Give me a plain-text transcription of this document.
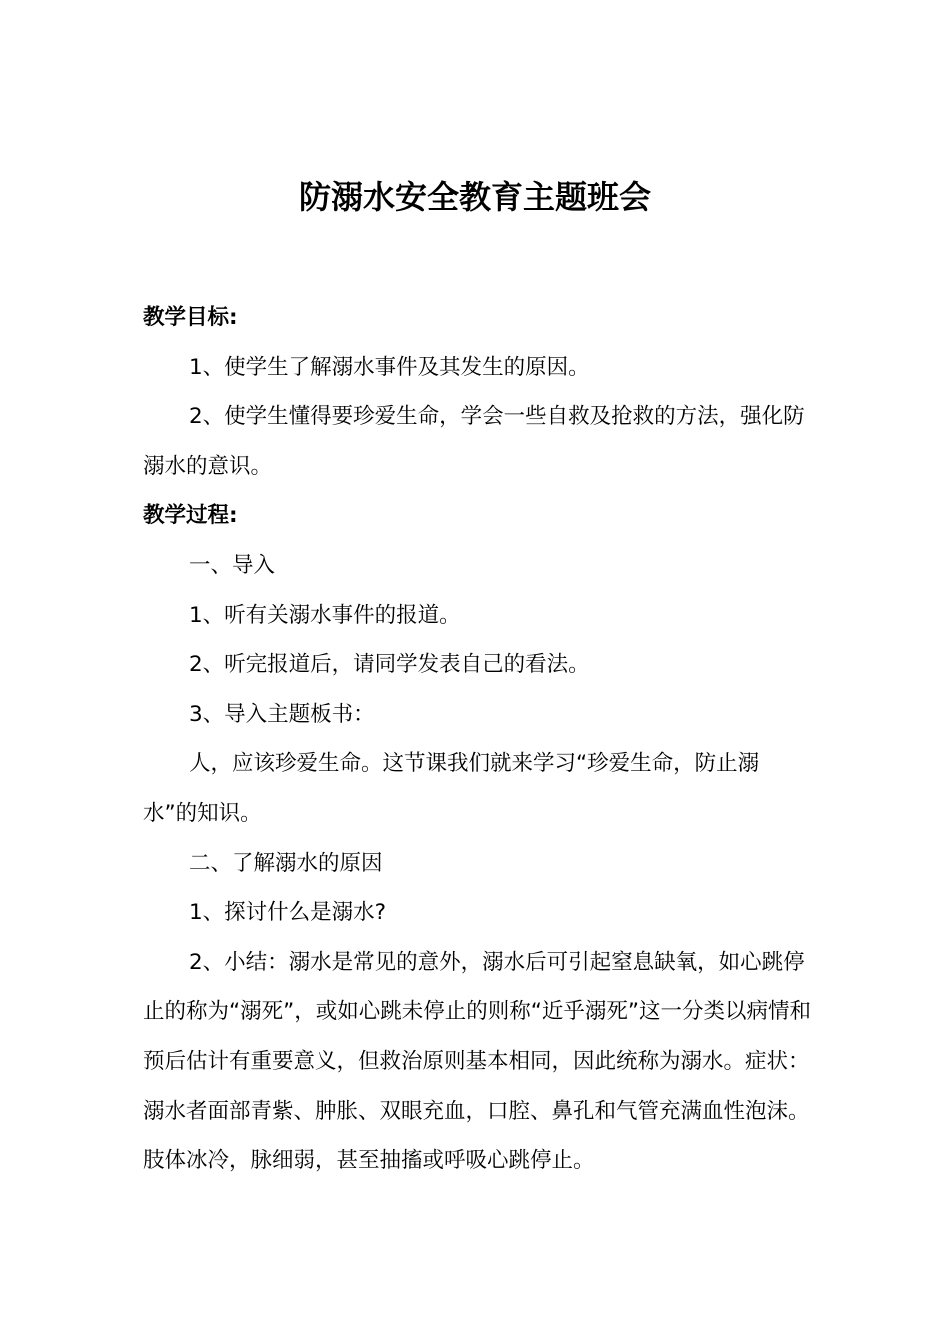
防溺水安全教育主题班会

教学目标:

1、使学生了解溺水事件及其发生的原因。

2、使学生懂得要珍爱生命，学会一些自救及抢救的方法，强化防溺水的意识。

教学过程:

一、导入

1、听有关溺水事件的报道。

2、听完报道后，请同学发表自己的看法。

3、导入主题板书：

人，应该珍爱生命。这节课我们就来学习“珍爱生命，防止溺水”的知识。

二、了解溺水的原因

1、探讨什么是溺水?

2、小结：溺水是常见的意外，溺水后可引起窒息缺氧，如心跳停止的称为“溺死”，或如心跳未停止的则称“近乎溺死”这一分类以病情和预后估计有重要意义，但救治原则基本相同，因此统称为溺水。症状：溺水者面部青紫、肿胀、双眼充血，口腔、鼻孔和气管充满血性泡沫。肢体冰冷，脉细弱，甚至抽搐或呼吸心跳停止。
